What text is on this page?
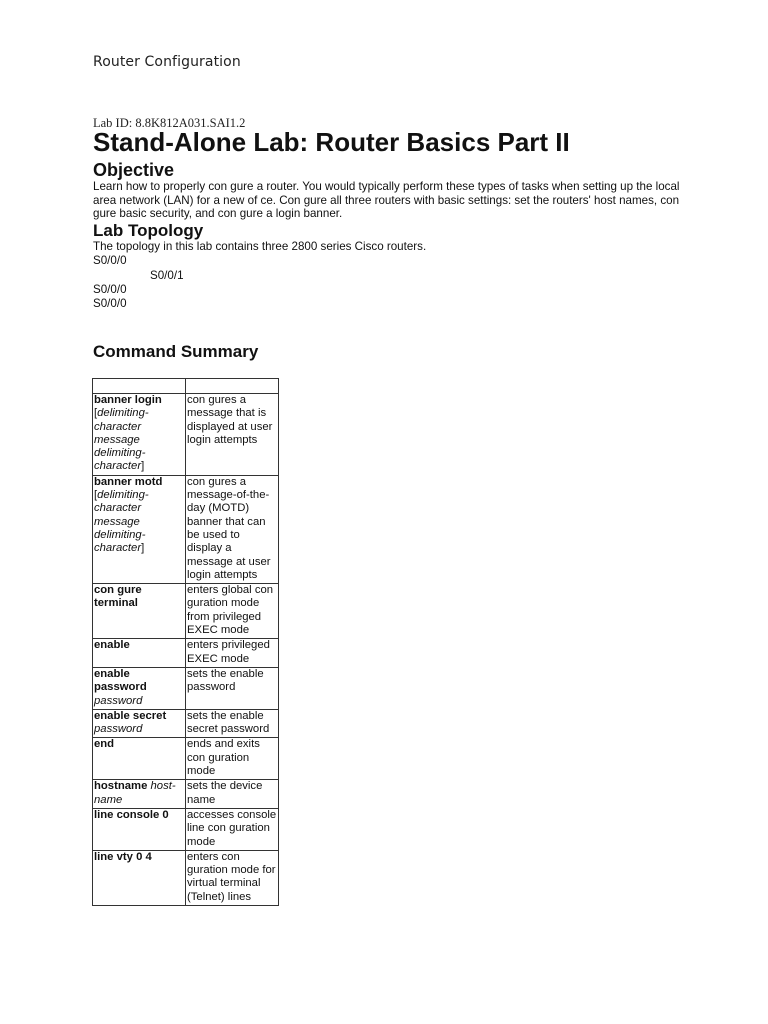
Router Configuration
Lab ID: 8.8K812A031.SAI1.2
Stand-Alone Lab: Router Basics Part II
Objective

Learn how to properly con gure a router. You would typically perform these types of tasks when setting up the local area network (LAN) for a new of ce. Con gure all three routers with basic settings: set the routers' host names, con gure basic security, and con gure a login banner.

Lab Topology

The topology in this lab contains three 2800 series Cisco routers.

S0/0/0
S0/0/1
S0/0/0
S0/0/0
Command Summary

banner login [delimiting-character message delimiting-character]	con gures a message that is displayed at user login attempts
banner motd [delimiting-character message delimiting-character]	con gures a message-of-the-day (MOTD) banner that can be used to display a message at user login attempts
con gure terminal	enters global con guration mode from privileged EXEC mode
enable	enters privileged EXEC mode
enable password password	sets the enable password
enable secret password	sets the enable secret password
end	ends and exits con guration mode
hostname host-name	sets the device name
line console 0	accesses console line con guration mode
line vty 0 4	enters con guration mode for virtual terminal (Telnet) lines
